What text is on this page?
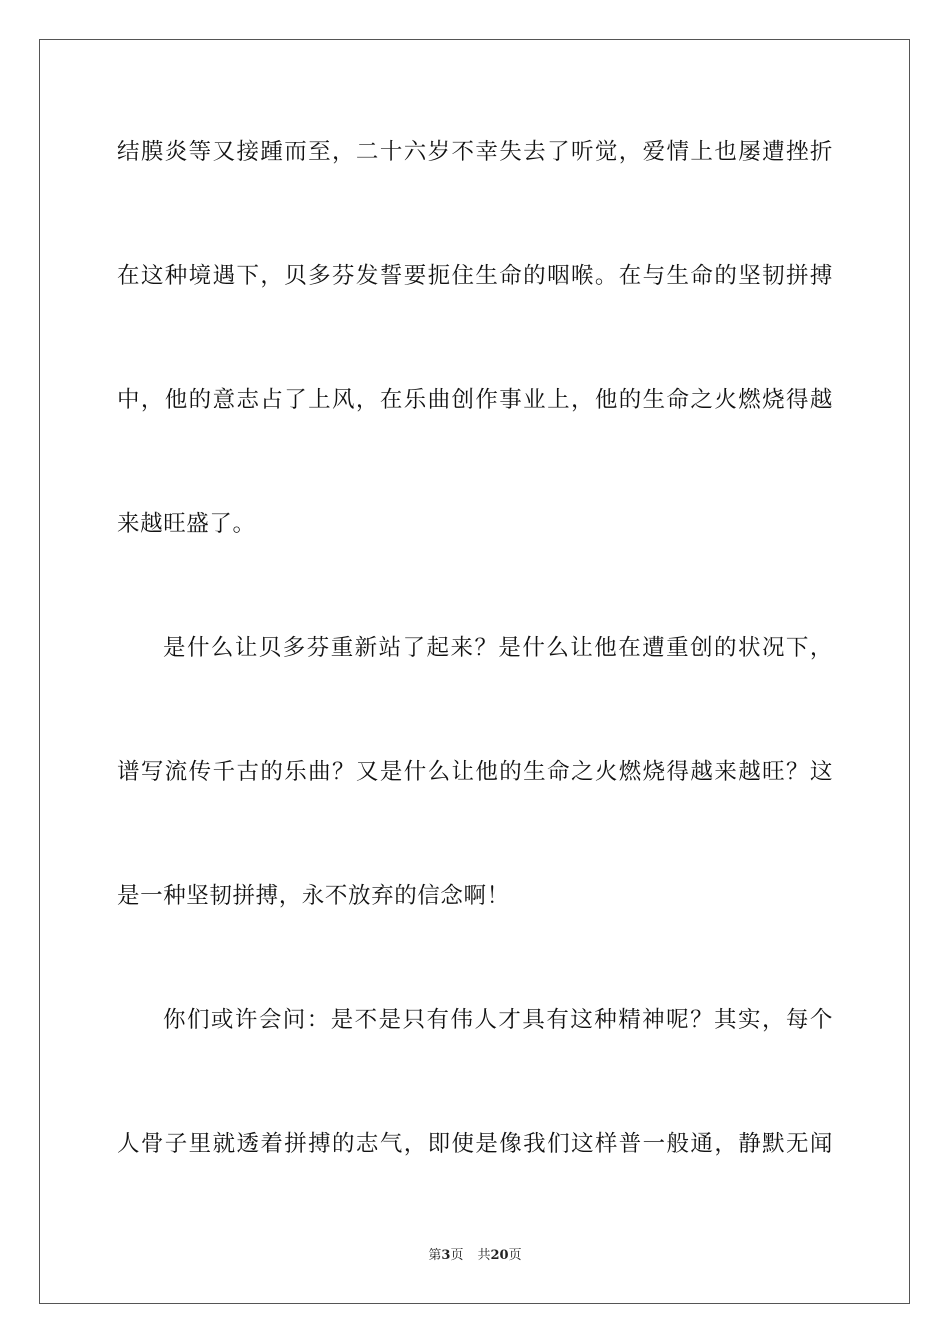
结膜炎等又接踵而至，二十六岁不幸失去了听觉，爱情上也屡遭挫折
在这种境遇下，贝多芬发誓要扼住生命的咽喉。在与生命的坚韧拼搏
中，他的意志占了上风，在乐曲创作事业上，他的生命之火燃烧得越
来越旺盛了。
是什么让贝多芬重新站了起来？是什么让他在遭重创的状况下，
谱写流传千古的乐曲？又是什么让他的生命之火燃烧得越来越旺？这
是一种坚韧拼搏，永不放弃的信念啊！
你们或许会问：是不是只有伟人才具有这种精神呢？其实，每个
人骨子里就透着拼搏的志气，即使是像我们这样普一般通，静默无闻
第3页 共20页
